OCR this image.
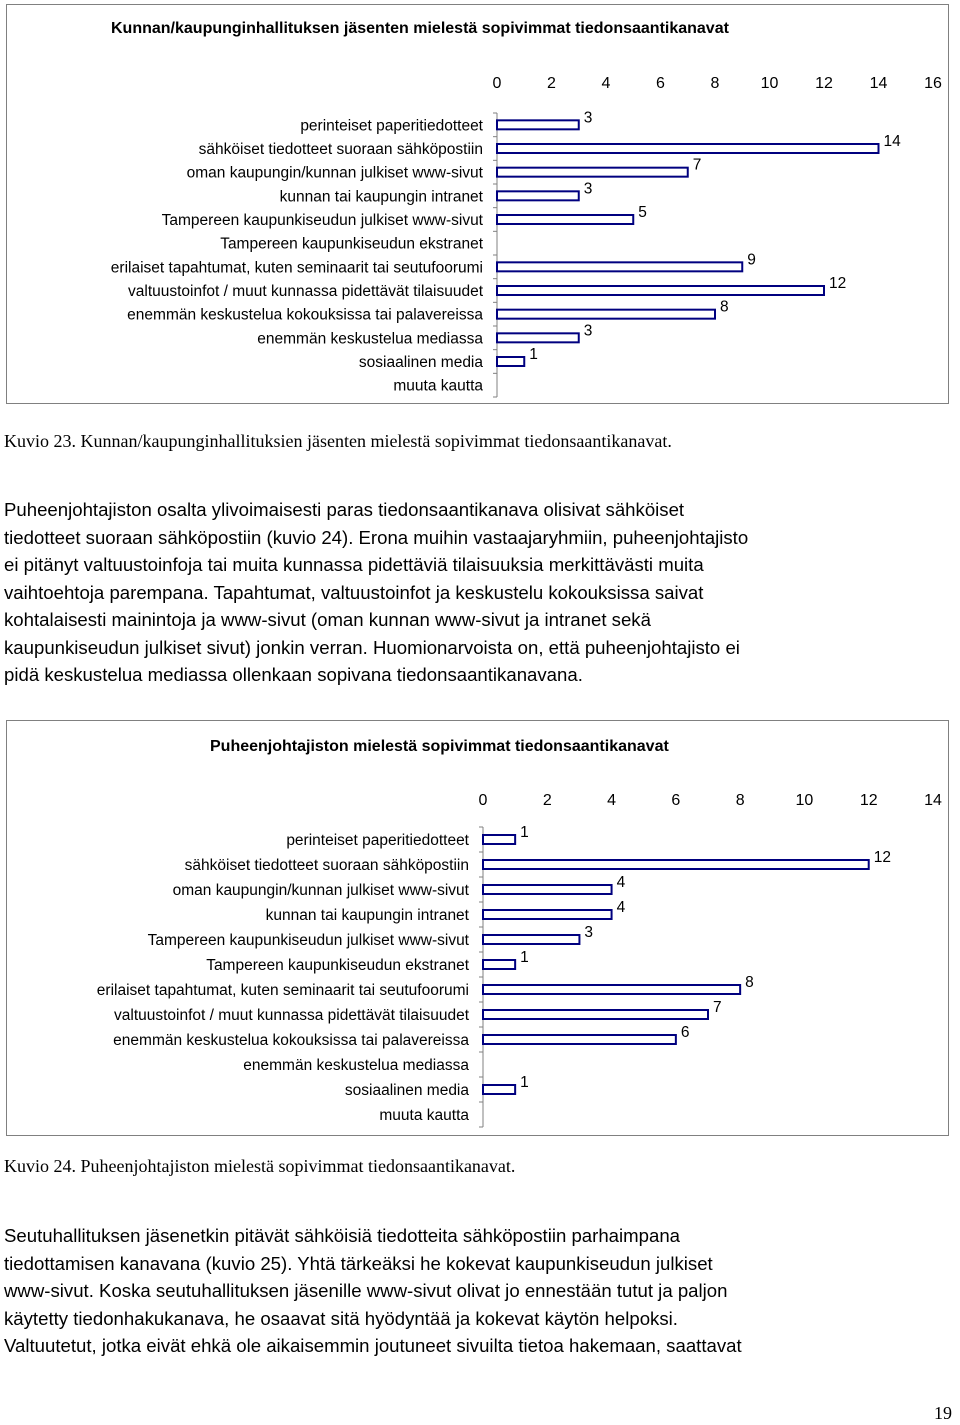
Kunnan/kaupunginhallituksen jäsenten mielestä sopivimmat tiedonsaantikanavat
0	2	4	6	8	10 12 14 16
perinteiset paperitiedotteet	3
sähköiset tiedotteet suoraan sähköpostiin	14
oman kaupungin/kunnan julkiset www-sivut	7
kunnan tai kaupungin intranet	3
Tampereen kaupunkiseudun julkiset www-sivut	5
Tampereen kaupunkiseudun ekstranet
erilaiset tapahtumat, kuten seminaarit tai seutufoorumi	9
valtuustoinfot / muut kunnassa pidettävät tilaisuudet	12
enemmän keskustelua kokouksissa tai palavereissa	8
enemmän keskustelua mediassa	3
sosiaalinen media	1
muuta kautta
Kuvio 23. Kunnan/kaupunginhallituksien jäsenten mielestä sopivimmat tiedonsaantikanavat.
Puheenjohtajiston osalta ylivoimaisesti paras tiedonsaantikanava olisivat sähköiset
tiedotteet suoraan sähköpostiin (kuvio 24). Erona muihin vastaajaryhmiin, puheenjohtajisto
ei pitänyt valtuustoinfoja tai muita kunnassa pidettäviä tilaisuuksia merkittävästi muita
vaihtoehtoja parempana. Tapahtumat, valtuustoinfot ja keskustelu kokouksissa saivat
kohtalaisesti mainintoja ja www-sivut (oman kunnan www-sivut ja intranet sekä
kaupunkiseudun julkiset sivut) jonkin verran. Huomionarvoista on, että puheenjohtajisto ei
pidä keskustelua mediassa ollenkaan sopivana tiedonsaantikanavana.
Puheenjohtajiston mielestä sopivimmat tiedonsaantikanavat
0	2	4	6	8	10	12	14
perinteiset paperitiedotteet	1
sähköiset tiedotteet suoraan sähköpostiin	12
oman kaupungin/kunnan julkiset www-sivut	4
kunnan tai kaupungin intranet	4
Tampereen kaupunkiseudun julkiset www-sivut	3
Tampereen kaupunkiseudun ekstranet	1
erilaiset tapahtumat, kuten seminaarit tai seutufoorumi	8
valtuustoinfot / muut kunnassa pidettävät tilaisuudet	7
enemmän keskustelua kokouksissa tai palavereissa	6
enemmän keskustelua mediassa
sosiaalinen media	1
muuta kautta
Kuvio 24. Puheenjohtajiston mielestä sopivimmat tiedonsaantikanavat.
Seutuhallituksen jäsenetkin pitävät sähköisiä tiedotteita sähköpostiin parhaimpana
tiedottamisen kanavana (kuvio 25). Yhtä tärkeäksi he kokevat kaupunkiseudun julkiset
www-sivut. Koska seutuhallituksen jäsenille www-sivut olivat jo ennestään tutut ja paljon
käytetty tiedonhakukanava, he osaavat sitä hyödyntää ja kokevat käytön helpoksi.
Valtuutetut, jotka eivät ehkä ole aikaisemmin joutuneet sivuilta tietoa hakemaan, saattavat
19
